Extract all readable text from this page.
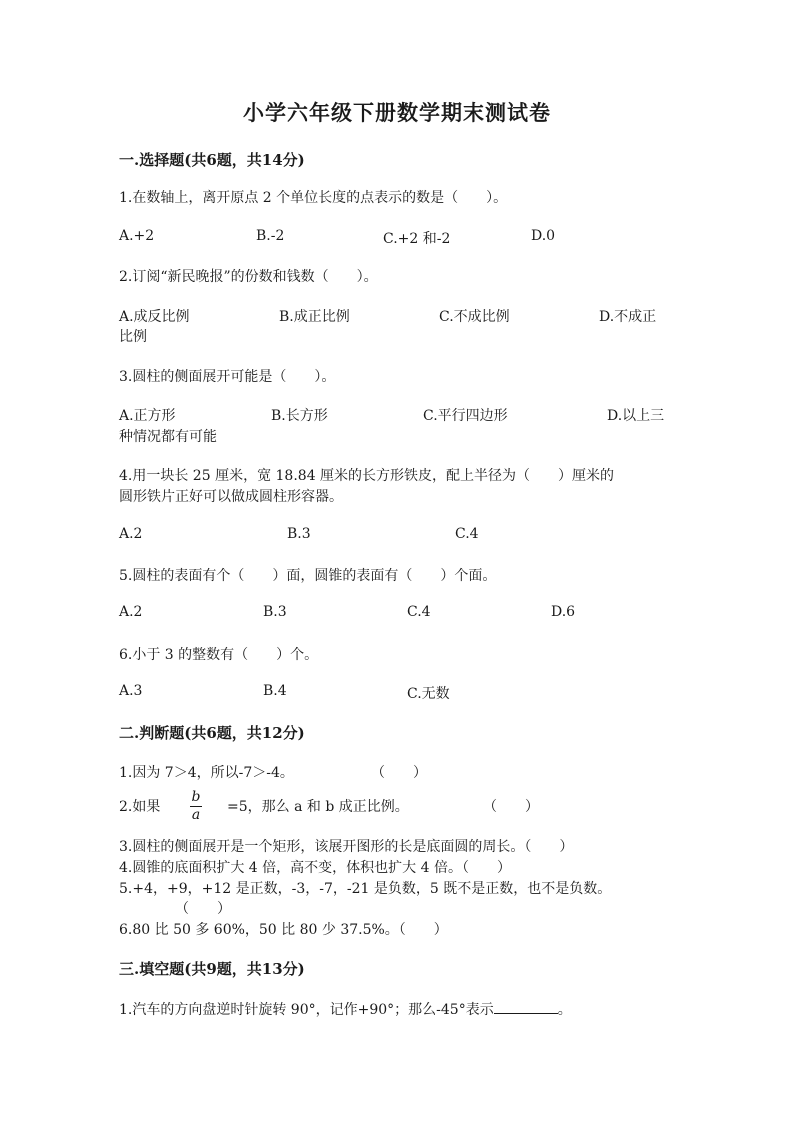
小学六年级下册数学期末测试卷
一.选择题(共6题，共14分)
1.在数轴上，离开原点 2 个单位长度的点表示的数是（　　）。
A.+2	B.-2	C.+2 和-2	D.0
2.订阅“新民晚报”的份数和钱数（　　）。
A.成反比例	B.成正比例	C.不成比例	D.不成正
比例
3.圆柱的侧面展开可能是（　　）。
A.正方形	B.长方形	C.平行四边形	D.以上三
种情况都有可能
4.用一块长 25 厘米，宽 18.84 厘米的长方形铁皮，配上半径为（　　）厘米的
圆形铁片正好可以做成圆柱形容器。
A.2	B.3	C.4
5.圆柱的表面有个（　　）面，圆锥的表面有（　　）个面。
A.2	B.3	C.4	D.6
6.小于 3 的整数有（　　）个。
A.3	B.4	C.无数
二.判断题(共6题，共12分)
1.因为 7＞4，所以-7＞-4。	（　　）
2.如果
b
a =5，那么 a 和 b 成正比例。	（　　）
3.圆柱的侧面展开是一个矩形，该展开图形的长是底面圆的周长。（　　）
4.圆锥的底面积扩大 4 倍，高不变，体积也扩大 4 倍。（　　）
5.+4，+9，+12 是正数，-3，-7，-21 是负数，5 既不是正数，也不是负数。
（　　）
6.80 比 50 多 60%，50 比 80 少 37.5%。（　　）
三.填空题(共9题，共13分)
1.汽车的方向盘逆时针旋转 90°，记作+90°；那么-45°表示	。
